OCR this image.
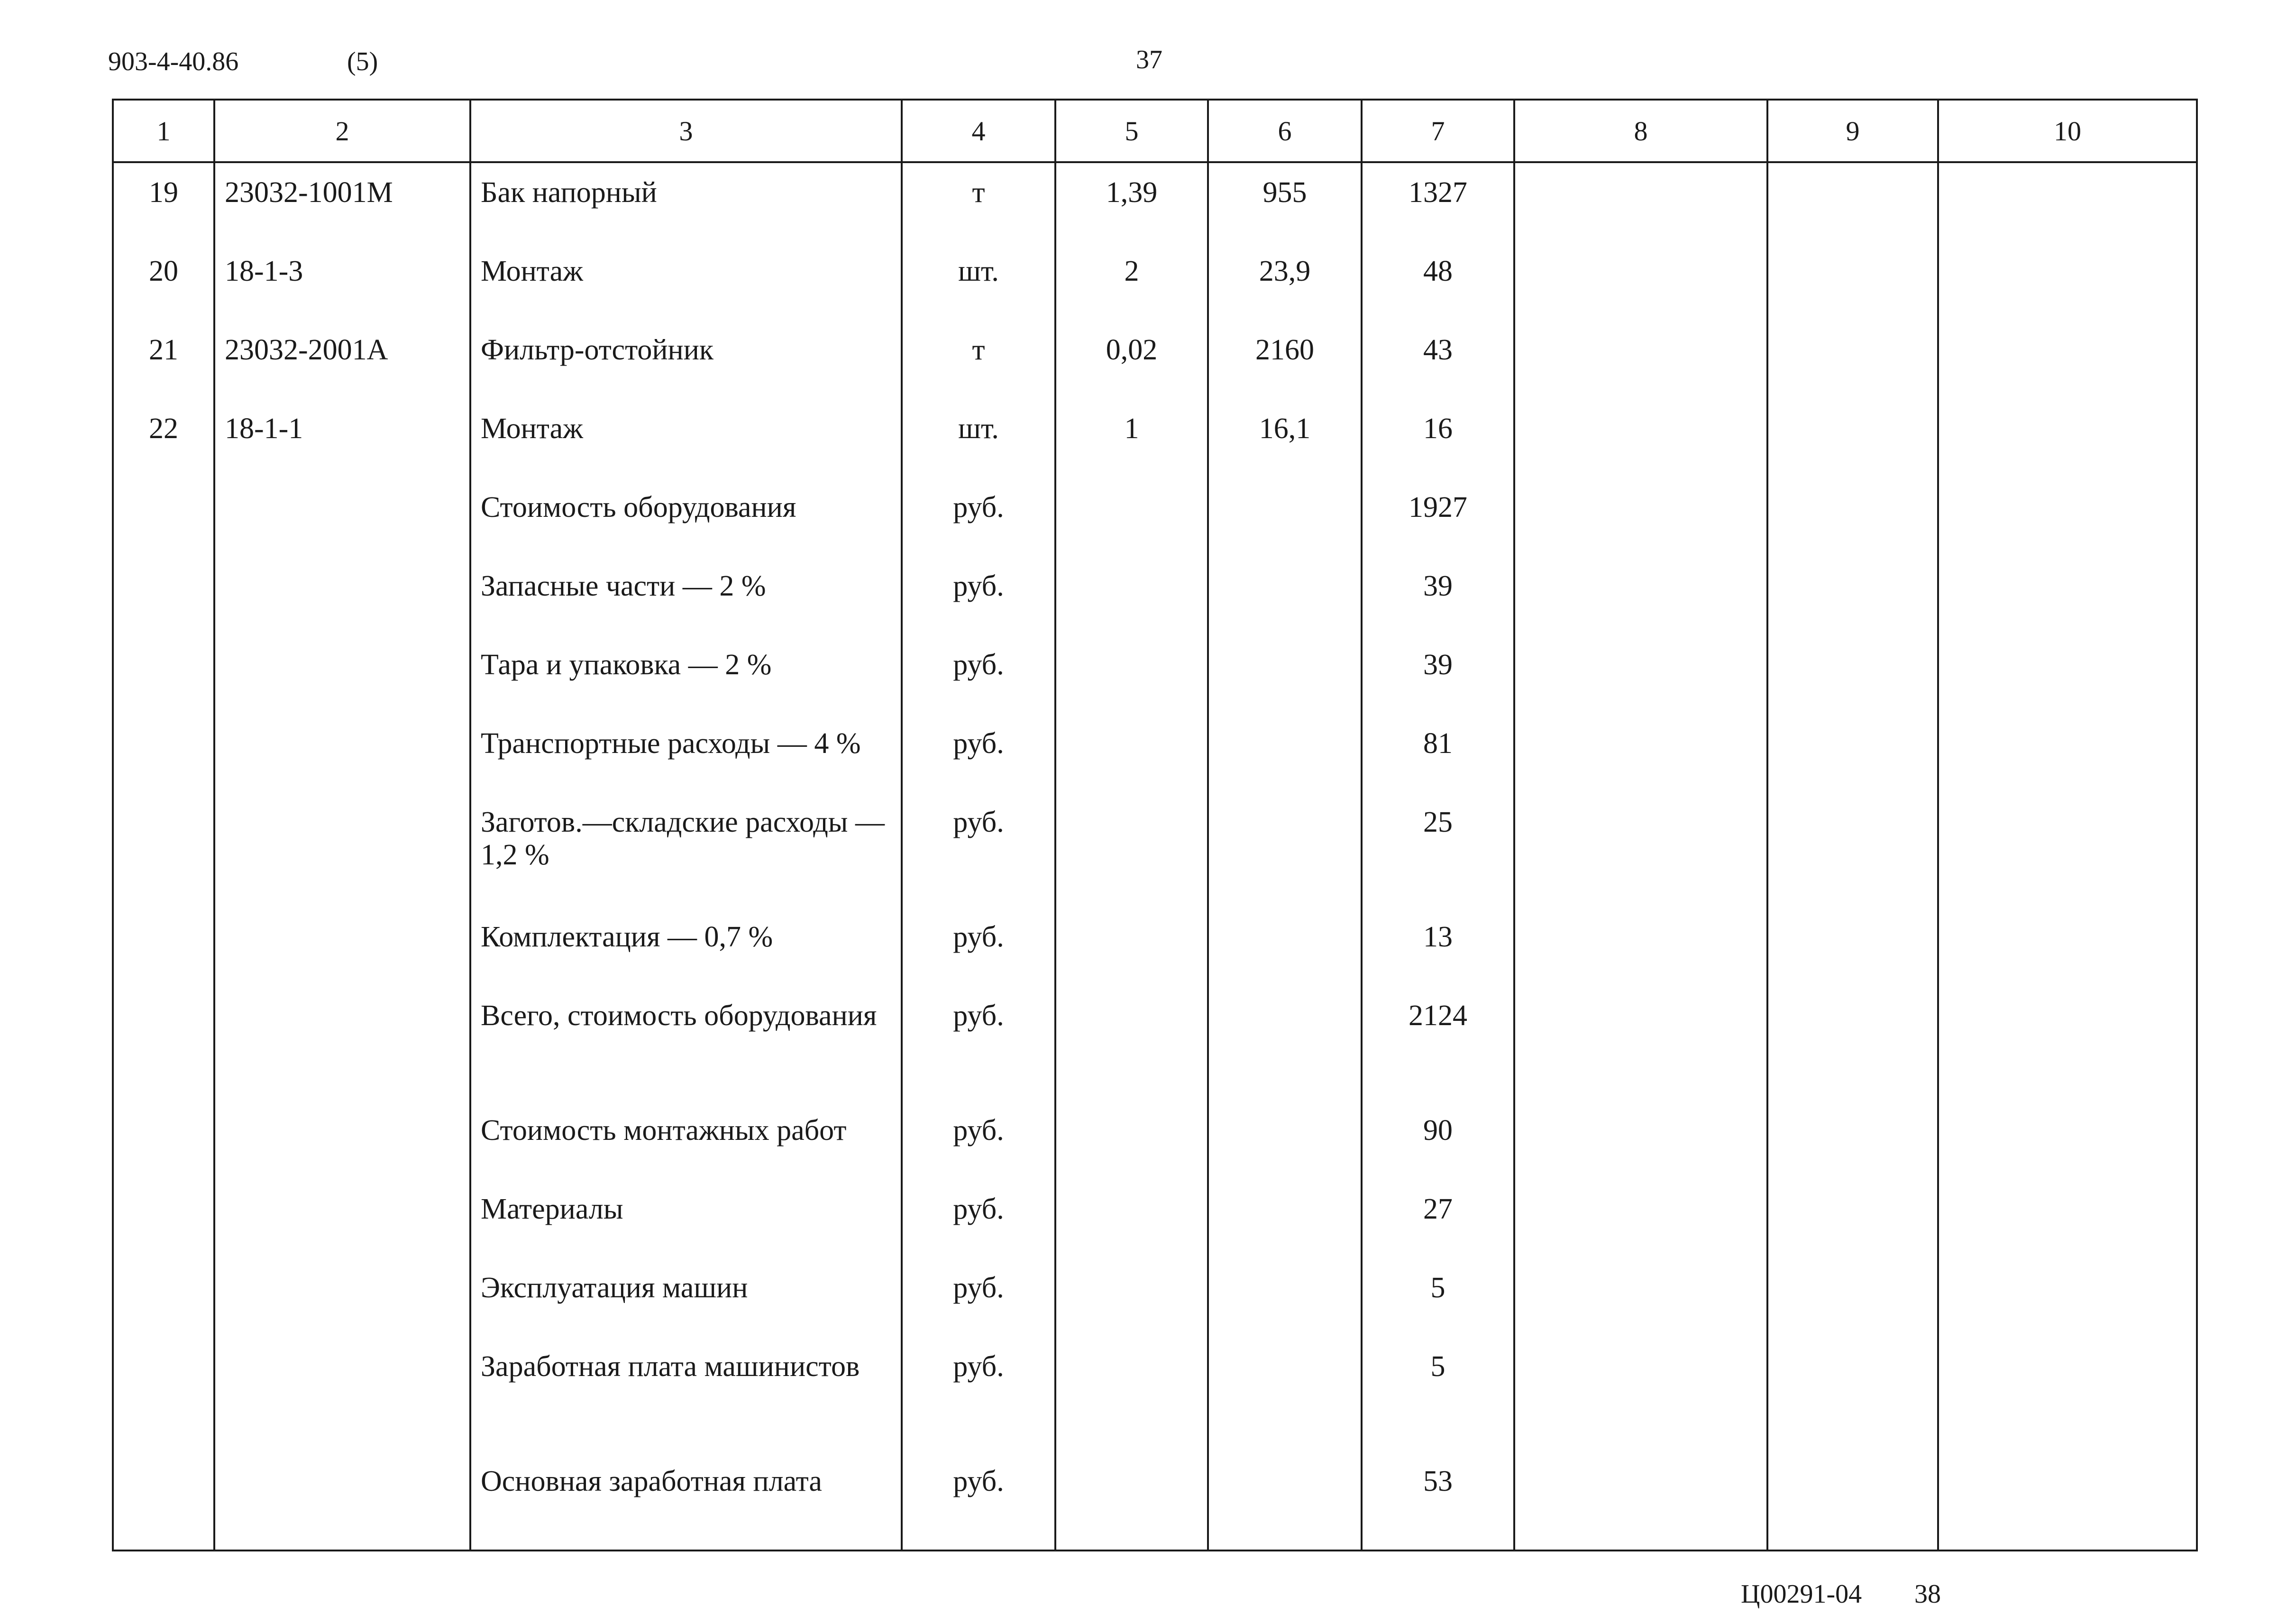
903-4-40.86	(5)	37
1	2	3	4	5	6	7	8	9	10
19	23032-1001М	Бак напорный	т	1,39	955	1327			
20	18-1-3	Монтаж	шт.	2	23,9	48			
21	23032-2001А	Фильтр-отстойник	т	0,02	2160	43			
22	18-1-1	Монтаж	шт.	1	16,1	16			
		Стоимость оборудования	руб.			1927			
		Запасные части — 2 %	руб.			39			
		Тара и упаковка — 2 %	руб.			39			
		Транспортные расходы — 4 %	руб.			81			
		Заготов.—складские расходы — 1,2 %	руб.			25			
		Комплектация — 0,7 %	руб.			13			
		Всего, стоимость оборудования	руб.			2124			
		Стоимость монтажных работ	руб.			90			
		Материалы	руб.			27			
		Эксплуатация машин	руб.			5			
		Заработная плата машинистов	руб.			5			
		Основная заработная плата	руб.			53			

Ц00291-04 38
